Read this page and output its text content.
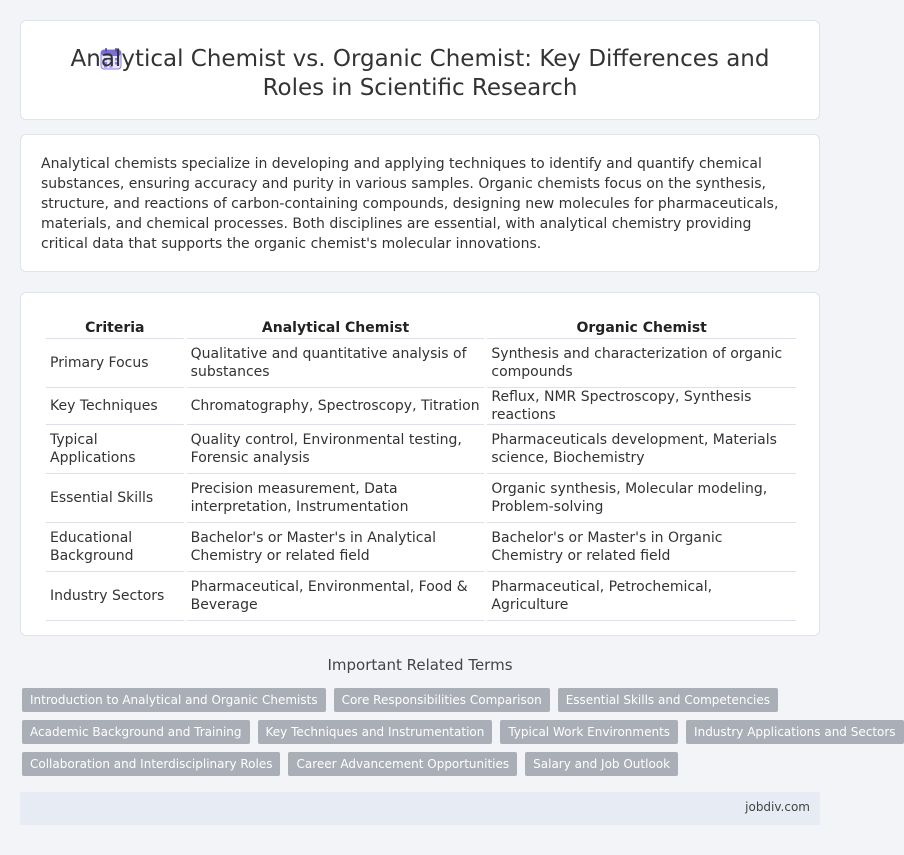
Analytical Chemist vs. Organic Chemist: Key Differences and Roles in Scientific Research

Analytical chemists specialize in developing and applying techniques to identify and quantify chemical substances, ensuring accuracy and purity in various samples. Organic chemists focus on the synthesis, structure, and reactions of carbon-containing compounds, designing new molecules for pharmaceuticals, materials, and chemical processes. Both disciplines are essential, with analytical chemistry providing critical data that supports the organic chemist's molecular innovations.

Criteria	Analytical Chemist	Organic Chemist
Primary Focus	Qualitative and quantitative analysis of substances	Synthesis and characterization of organic compounds
Key Techniques	Chromatography, Spectroscopy, Titration	Reflux, NMR Spectroscopy, Synthesis reactions
Typical Applications	Quality control, Environmental testing, Forensic analysis	Pharmaceuticals development, Materials science, Biochemistry
Essential Skills	Precision measurement, Data interpretation, Instrumentation	Organic synthesis, Molecular modeling, Problem-solving
Educational Background	Bachelor's or Master's in Analytical Chemistry or related field	Bachelor's or Master's in Organic Chemistry or related field
Industry Sectors	Pharmaceutical, Environmental, Food & Beverage	Pharmaceutical, Petrochemical, Agriculture
Important Related Terms
Introduction to Analytical and Organic Chemists	Core Responsibilities Comparison	Essential Skills and Competencies
Academic Background and Training	Key Techniques and Instrumentation	Typical Work Environments	Industry Applications and Sectors
Collaboration and Interdisciplinary Roles	Career Advancement Opportunities	Salary and Job Outlook
jobdiv.com
